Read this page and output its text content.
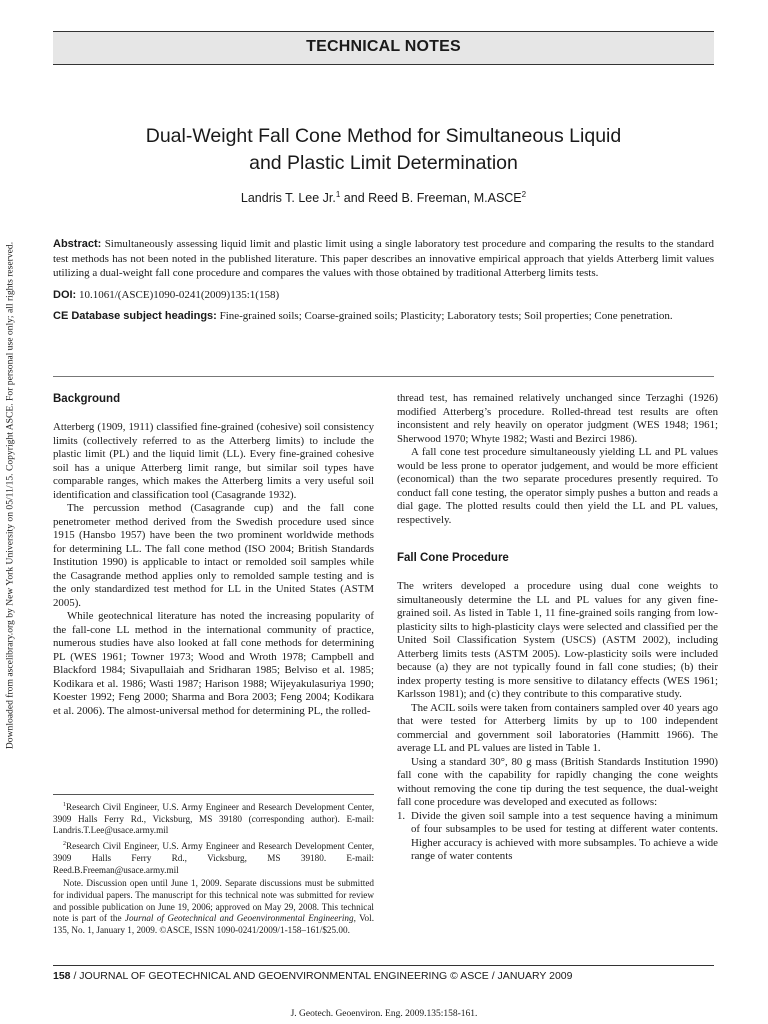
TECHNICAL NOTES
Downloaded from ascelibrary.org by New York University on 05/11/15. Copyright ASCE. For personal use only; all rights reserved.
Dual-Weight Fall Cone Method for Simultaneous Liquid
and Plastic Limit Determination
Landris T. Lee Jr.$^1$ and Reed B. Freeman, M.ASCE$^2$

Abstract: Simultaneously assessing liquid limit and plastic limit using a single laboratory test procedure and comparing the results to the standard test methods has not been noted in the published literature. This paper describes an innovative empirical approach that yields Atterberg limit values utilizing a dual-weight fall cone procedure and compares the values with those obtained by traditional Atterberg limits tests.

DOI: 10.1061/(ASCE)1090-0241(2009)135:1(158)

CE Database subject headings: Fine-grained soils; Coarse-grained soils; Plasticity; Laboratory tests; Soil properties; Cone penetration.

Background

Atterberg (1909, 1911) classified fine-grained (cohesive) soil consistency limits (collectively referred to as the Atterberg limits) to include the plastic limit (PL) and the liquid limit (LL). Every fine-grained cohesive soil has a unique Atterberg limit range, but similar soil types have comparable ranges, which makes the Atterberg limits a very useful soil identification and classification tool (Casagrande 1932).

The percussion method (Casagrande cup) and the fall cone penetrometer method derived from the Swedish procedure used since 1915 (Hansbo 1957) have been the two prominent worldwide methods for determining LL. The fall cone method (ISO 2004; British Standards Institution 1990) is applicable to intact or remolded soil samples while the Casagrande method applies only to remolded sample testing and is the only standardized test method for LL in the United States (ASTM 2005).

While geotechnical literature has noted the increasing popularity of the fall-cone LL method in the international community of practice, numerous studies have also looked at fall cone methods for determining PL (WES 1961; Towner 1973; Wood and Wroth 1978; Campbell and Blackford 1984; Sivapullaiah and Sridharan 1985; Belviso et al. 1985; Kodikara et al. 1986; Wasti 1987; Harison 1988; Wijeyakulasuriya 1990; Koester 1992; Feng 2000; Sharma and Bora 2003; Feng 2004; Kodikara et al. 2006). The almost-universal method for determining PL, the rolled-

thread test, has remained relatively unchanged since Terzaghi (1926) modified Atterberg’s procedure. Rolled-thread test results are often inconsistent and rely heavily on operator judgment (WES 1948; 1961; Sherwood 1970; Whyte 1982; Wasti and Bezirci 1986).

A fall cone test procedure simultaneously yielding LL and PL values would be less prone to operator judgement, and would be more efficient (economical) than the two separate procedures presently required. To conduct fall cone testing, the operator simply pushes a button and reads a dial gage. The plotted results could then yield the LL and PL values, respectively.

Fall Cone Procedure

The writers developed a procedure using dual cone weights to simultaneously determine the LL and PL values for any given fine-grained soil. As listed in Table 1, 11 fine-grained soils ranging from low-plasticity silts to high-plasticity clays were selected and classified per the United Soil Classification System (USCS) (ASTM 2002), including Atterberg limits tests (ASTM 2005). Low-plasticity soils were included because (a) they are not typically found in fall cone studies; (b) their index property testing is more sensitive to dilatancy effects (WES 1961; Karlsson 1981); and (c) they contribute to this comparative study.

The ACIL soils were taken from containers sampled over 40 years ago that were tested for Atterberg limits by up to 100 independent commercial and government soil laboratories (Hammitt 1966). The average LL and PL values are listed in Table 1.

Using a standard 30°, 80 g mass (British Standards Institution 1990) fall cone with the capability for rapidly changing the cone weights without removing the cone tip during the test sequence, the dual-weight fall cone procedure was developed and executed as follows:

1. Divide the given soil sample into a test sequence having a minimum of four subsamples to be used for testing at different water contents. Higher accuracy is achieved with more subsamples. To achieve a wide range of water contents

$^1$Research Civil Engineer, U.S. Army Engineer and Research Development Center, 3909 Halls Ferry Rd., Vicksburg, MS 39180 (corresponding author). E-mail: Landris.T.Lee@usace.army.mil

$^2$Research Civil Engineer, U.S. Army Engineer and Research Development Center, 3909 Halls Ferry Rd., Vicksburg, MS 39180. E-mail: Reed.B.Freeman@usace.army.mil

Note. Discussion open until June 1, 2009. Separate discussions must be submitted for individual papers. The manuscript for this technical note was submitted for review and possible publication on June 19, 2006; approved on May 29, 2008. This technical note is part of the Journal of Geotechnical and Geoenvironmental Engineering, Vol. 135, No. 1, January 1, 2009. ©ASCE, ISSN 1090-0241/2009/1-158–161/$25.00.

158 / JOURNAL OF GEOTECHNICAL AND GEOENVIRONMENTAL ENGINEERING © ASCE / JANUARY 2009
J. Geotech. Geoenviron. Eng. 2009.135:158-161.
